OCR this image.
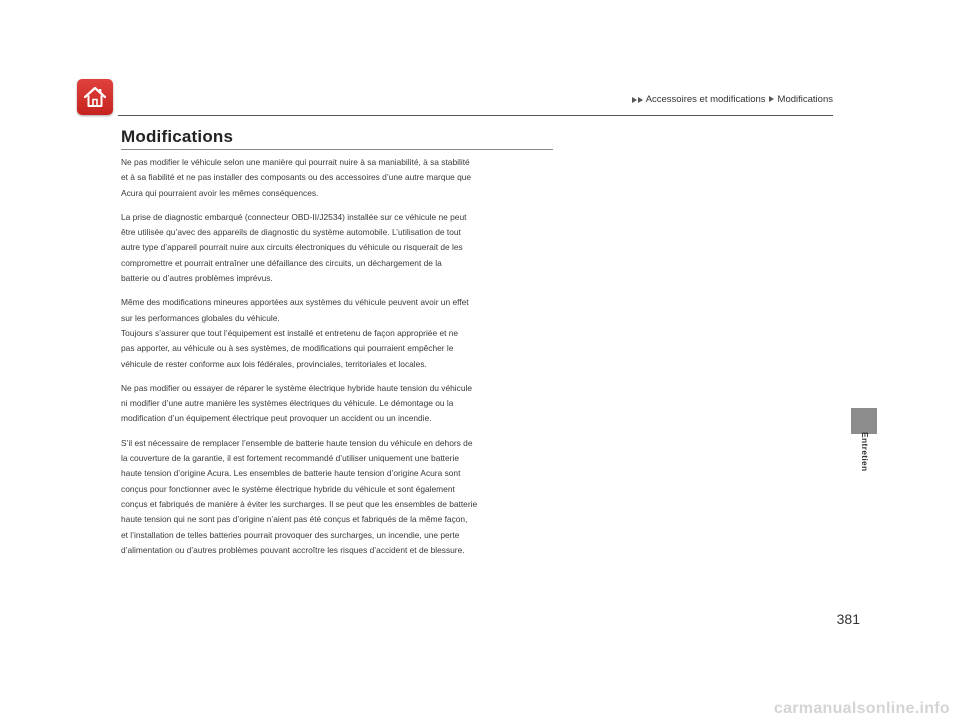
Accessoires et modifications Modifications
Modifications

Ne pas modifier le véhicule selon une manière qui pourrait nuire à sa maniabilité, à sa stabilité
et à sa fiabilité et ne pas installer des composants ou des accessoires d’une autre marque que
Acura qui pourraient avoir les mêmes conséquences.

La prise de diagnostic embarqué (connecteur OBD-II/J2534) installée sur ce véhicule ne peut
être utilisée qu’avec des appareils de diagnostic du système automobile. L’utilisation de tout
autre type d’appareil pourrait nuire aux circuits électroniques du véhicule ou risquerait de les
compromettre et pourrait entraîner une défaillance des circuits, un déchargement de la
batterie ou d’autres problèmes imprévus.

Même des modifications mineures apportées aux systèmes du véhicule peuvent avoir un effet
sur les performances globales du véhicule.
Toujours s’assurer que tout l’équipement est installé et entretenu de façon appropriée et ne
pas apporter, au véhicule ou à ses systèmes, de modifications qui pourraient empêcher le
véhicule de rester conforme aux lois fédérales, provinciales, territoriales et locales.

Ne pas modifier ou essayer de réparer le système électrique hybride haute tension du véhicule
ni modifier d’une autre manière les systèmes électriques du véhicule. Le démontage ou la
modification d’un équipement électrique peut provoquer un accident ou un incendie.

S’il est nécessaire de remplacer l’ensemble de batterie haute tension du véhicule en dehors de
la couverture de la garantie, il est fortement recommandé d’utiliser uniquement une batterie
haute tension d’origine Acura. Les ensembles de batterie haute tension d’origine Acura sont
conçus pour fonctionner avec le système électrique hybride du véhicule et sont également
conçus et fabriqués de manière à éviter les surcharges. Il se peut que les ensembles de batterie
haute tension qui ne sont pas d’origine n’aient pas été conçus et fabriqués de la même façon,
et l’installation de telles batteries pourrait provoquer des surcharges, un incendie, une perte
d’alimentation ou d’autres problèmes pouvant accroître les risques d’accident et de blessure.

Entretien
381
carmanualsonline.info
